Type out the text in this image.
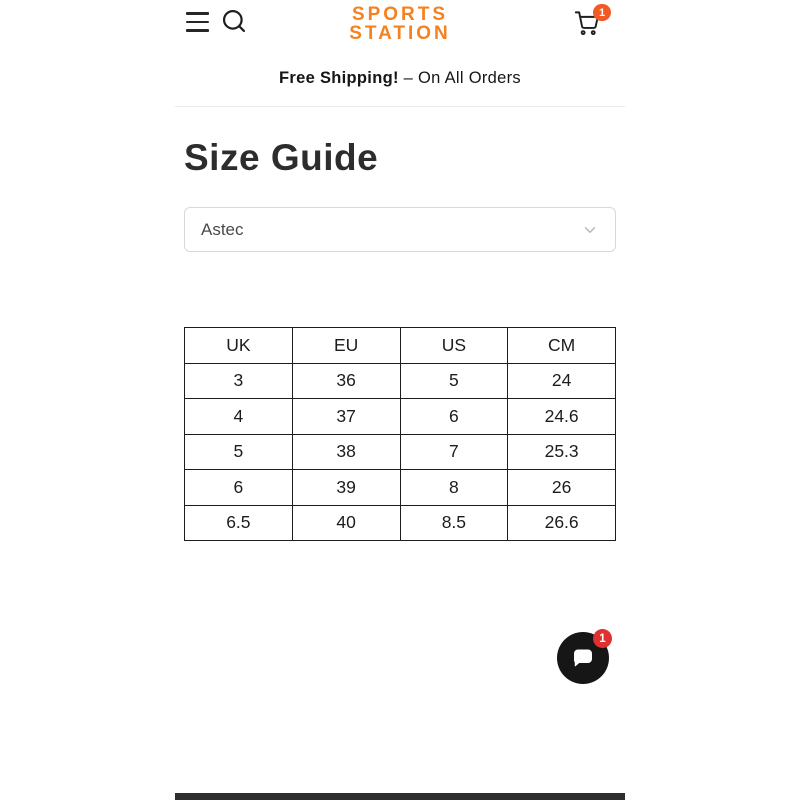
SPORTS
STATION
1
Free Shipping! – On All Orders
Size Guide
Astec
UK	EU	US	CM
3	36	5	24
4	37	6	24.6
5	38	7	25.3
6	39	8	26
6.5	40	8.5	26.6
1
